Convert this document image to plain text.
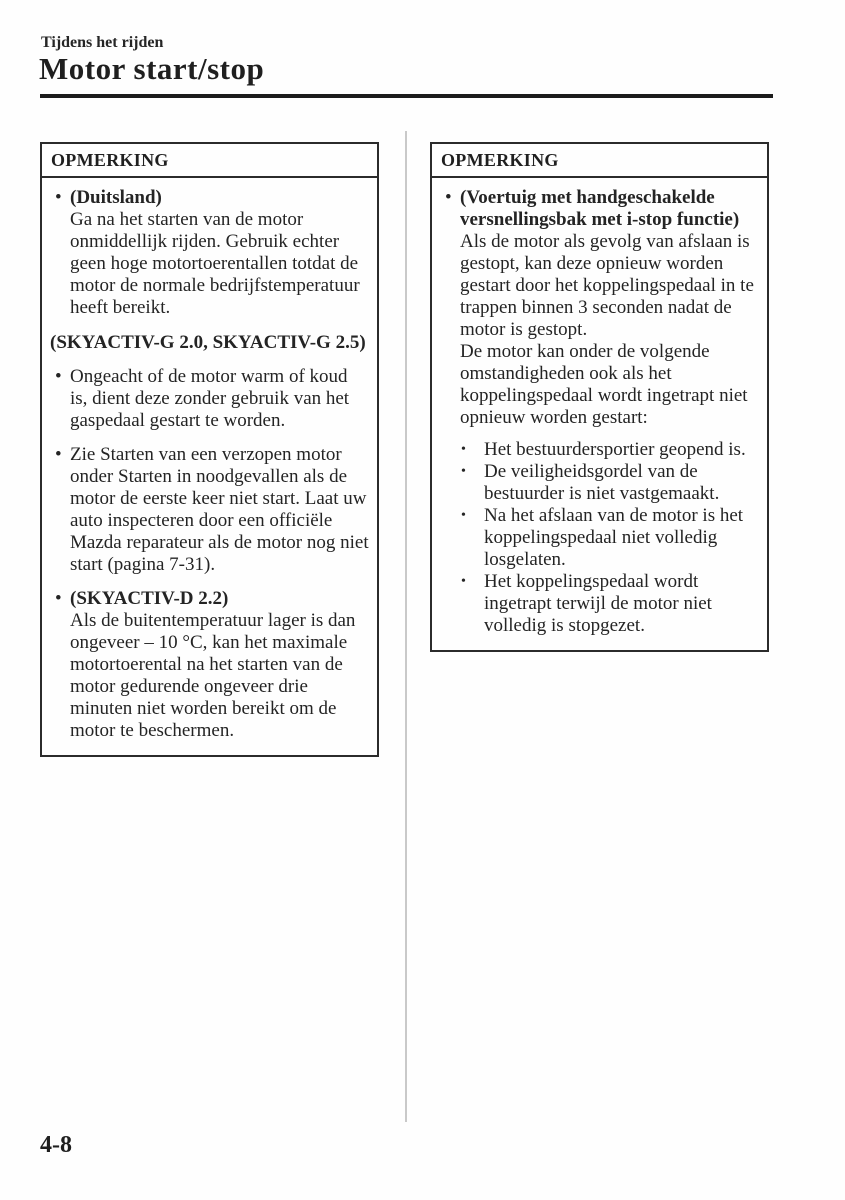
Tijdens het rijden
Motor start/stop
OPMERKING
•
(Duitsland)
Ga na het starten van de motor onmiddellijk rijden. Gebruik echter geen hoge motortoerentallen totdat de motor de normale bedrijfstemperatuur heeft bereikt.
(SKYACTIV-G 2.0, SKYACTIV-G 2.5)
•
Ongeacht of de motor warm of koud is, dient deze zonder gebruik van het gaspedaal gestart te worden.
•
Zie Starten van een verzopen motor onder Starten in noodgevallen als de motor de eerste keer niet start. Laat uw auto inspecteren door een officiële Mazda reparateur als de motor nog niet start (pagina 7-31).
•
(SKYACTIV-D 2.2)
Als de buitentemperatuur lager is dan ongeveer – 10 °C, kan het maximale motortoerental na het starten van de motor gedurende ongeveer drie minuten niet worden bereikt om de motor te beschermen.
OPMERKING
•
(Voertuig met handgeschakelde versnellingsbak met i-stop functie)
Als de motor als gevolg van afslaan is gestopt, kan deze opnieuw worden gestart door het koppelingspedaal in te trappen binnen 3 seconden nadat de motor is gestopt.
De motor kan onder de volgende omstandigheden ook als het koppelingspedaal wordt ingetrapt niet opnieuw worden gestart:
•
Het bestuurdersportier geopend is.
•
De veiligheidsgordel van de bestuurder is niet vastgemaakt.
•
Na het afslaan van de motor is het koppelingspedaal niet volledig losgelaten.
•
Het koppelingspedaal wordt ingetrapt terwijl de motor niet volledig is stopgezet.
4-8
